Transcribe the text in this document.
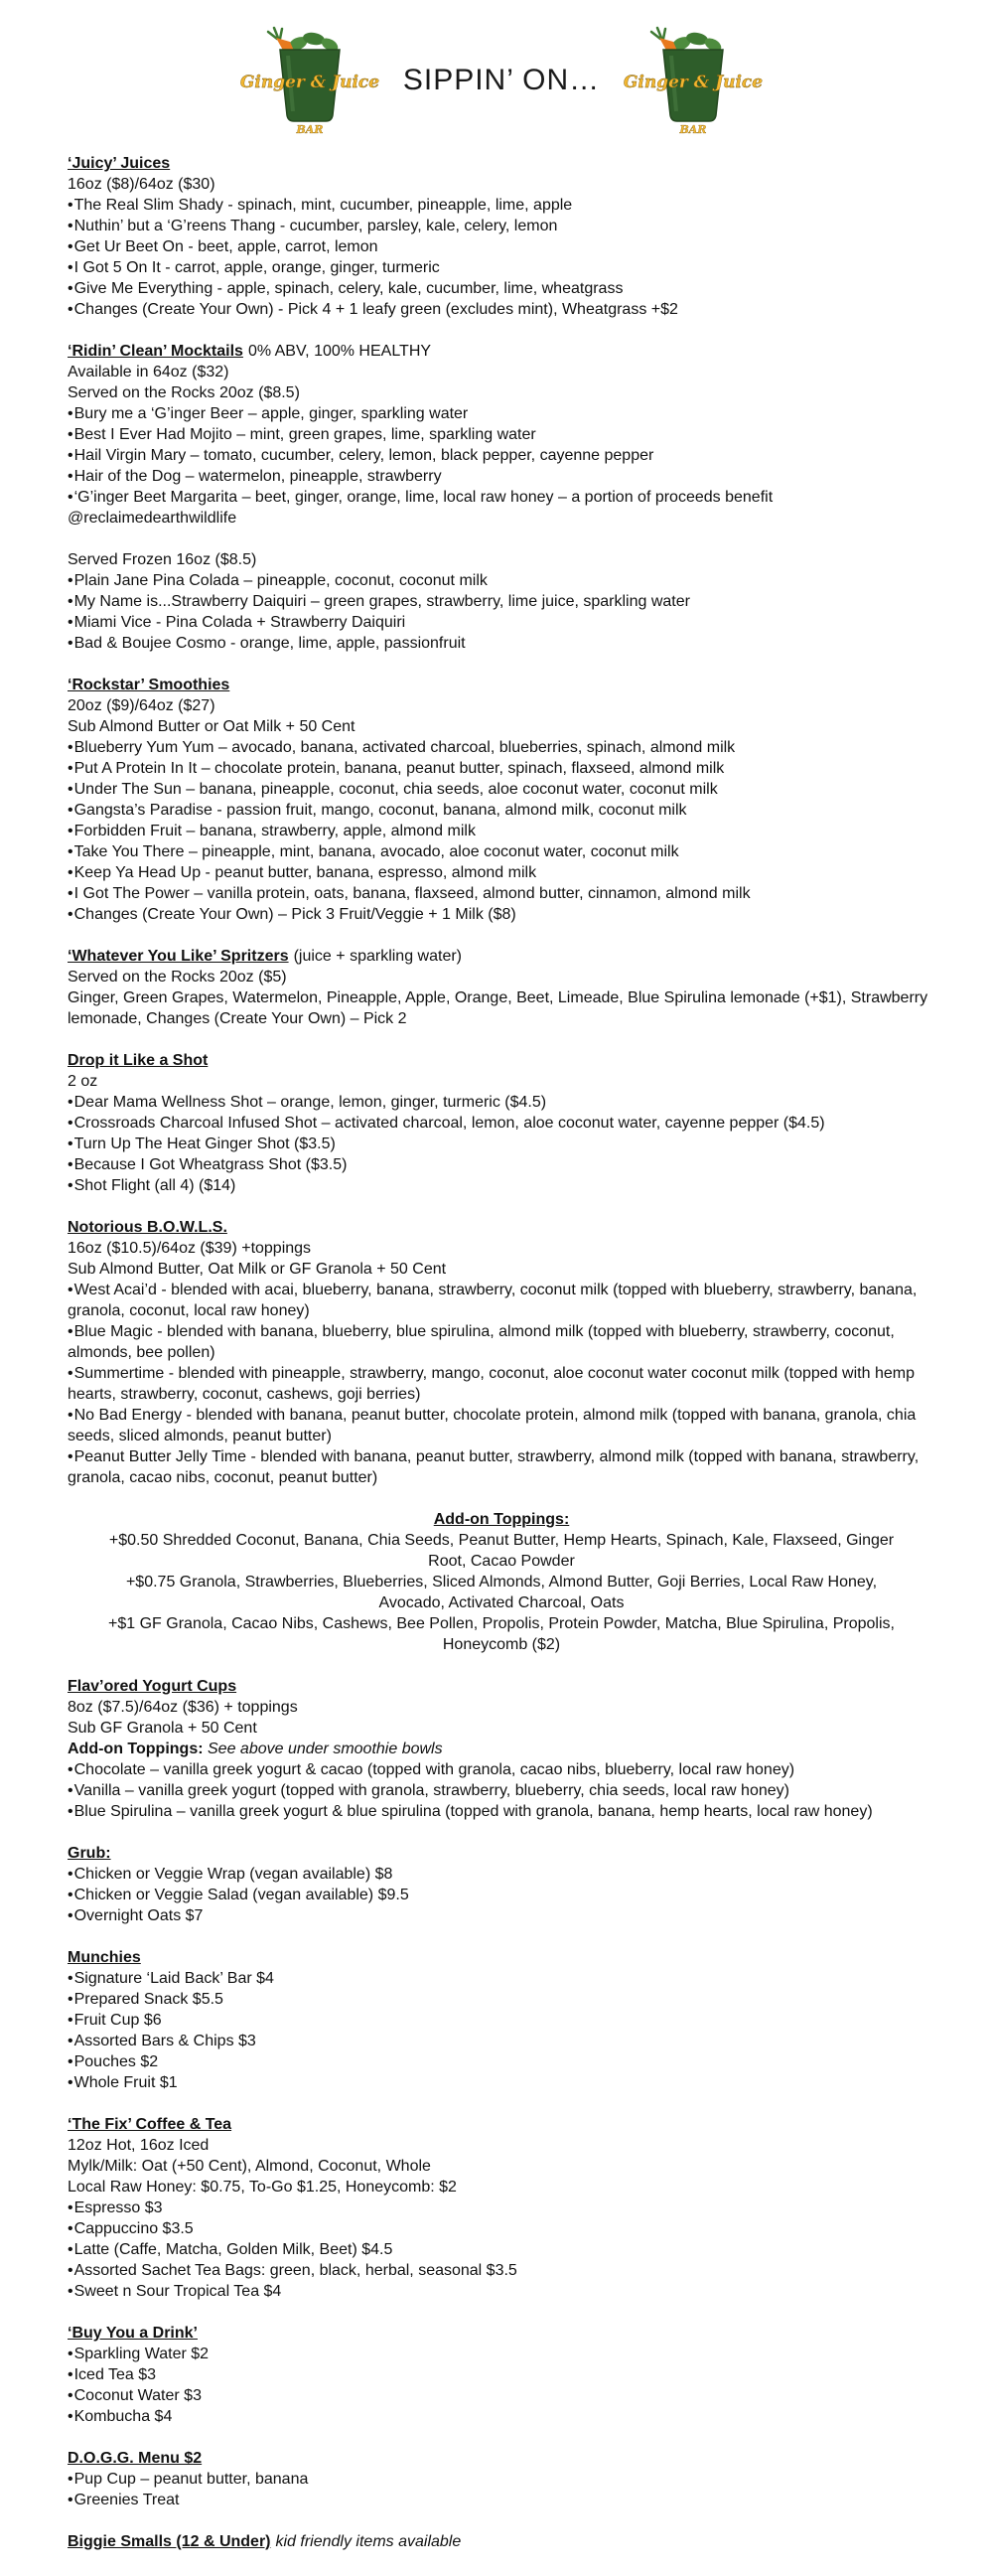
Ginger & Juice
BAR
SIPPIN’ ON… Ginger & Juice
BAR
‘Juicy’ Juices
16oz ($8)/64oz ($30)
•The Real Slim Shady - spinach, mint, cucumber, pineapple, lime, apple
•Nuthin’ but a ‘G’reens Thang - cucumber, parsley, kale, celery, lemon
•Get Ur Beet On - beet, apple, carrot, lemon
•I Got 5 On It - carrot, apple, orange, ginger, turmeric
•Give Me Everything - apple, spinach, celery, kale, cucumber, lime, wheatgrass
•Changes (Create Your Own) - Pick 4 + 1 leafy green (excludes mint), Wheatgrass +$2
‘Ridin’ Clean’ Mocktails 0% ABV, 100% HEALTHY
Available in 64oz ($32)
Served on the Rocks 20oz ($8.5)
•Bury me a ‘G’inger Beer – apple, ginger, sparkling water
•Best I Ever Had Mojito – mint, green grapes, lime, sparkling water
•Hail Virgin Mary – tomato, cucumber, celery, lemon, black pepper, cayenne pepper
•Hair of the Dog – watermelon, pineapple, strawberry
•‘G’inger Beet Margarita – beet, ginger, orange, lime, local raw honey – a portion of proceeds benefit @reclaimedearthwildlife
Served Frozen 16oz ($8.5)
•Plain Jane Pina Colada – pineapple, coconut, coconut milk
•My Name is...Strawberry Daiquiri – green grapes, strawberry, lime juice, sparkling water
•Miami Vice - Pina Colada + Strawberry Daiquiri
•Bad & Boujee Cosmo - orange, lime, apple, passionfruit
‘Rockstar’ Smoothies
20oz ($9)/64oz ($27)
Sub Almond Butter or Oat Milk + 50 Cent
•Blueberry Yum Yum – avocado, banana, activated charcoal, blueberries, spinach, almond milk
•Put A Protein In It – chocolate protein, banana, peanut butter, spinach, flaxseed, almond milk
•Under The Sun – banana, pineapple, coconut, chia seeds, aloe coconut water, coconut milk
•Gangsta’s Paradise - passion fruit, mango, coconut, banana, almond milk, coconut milk
•Forbidden Fruit – banana, strawberry, apple, almond milk
•Take You There – pineapple, mint, banana, avocado, aloe coconut water, coconut milk
•Keep Ya Head Up - peanut butter, banana, espresso, almond milk
•I Got The Power – vanilla protein, oats, banana, flaxseed, almond butter, cinnamon, almond milk
•Changes (Create Your Own) – Pick 3 Fruit/Veggie + 1 Milk ($8)
‘Whatever You Like’ Spritzers (juice + sparkling water)
Served on the Rocks 20oz ($5)
Ginger, Green Grapes, Watermelon, Pineapple, Apple, Orange, Beet, Limeade, Blue Spirulina lemonade (+$1), Strawberry lemonade, Changes (Create Your Own) – Pick 2
Drop it Like a Shot
2 oz
•Dear Mama Wellness Shot – orange, lemon, ginger, turmeric ($4.5)
•Crossroads Charcoal Infused Shot – activated charcoal, lemon, aloe coconut water, cayenne pepper ($4.5)
•Turn Up The Heat Ginger Shot ($3.5)
•Because I Got Wheatgrass Shot ($3.5)
•Shot Flight (all 4) ($14)
Notorious B.O.W.L.S.
16oz ($10.5)/64oz ($39) +toppings
Sub Almond Butter, Oat Milk or GF Granola + 50 Cent
•West Acai’d - blended with acai, blueberry, banana, strawberry, coconut milk (topped with blueberry, strawberry, banana, granola, coconut, local raw honey)
•Blue Magic - blended with banana, blueberry, blue spirulina, almond milk (topped with blueberry, strawberry, coconut, almonds, bee pollen)
•Summertime - blended with pineapple, strawberry, mango, coconut, aloe coconut water coconut milk (topped with hemp hearts, strawberry, coconut, cashews, goji berries)
•No Bad Energy - blended with banana, peanut butter, chocolate protein, almond milk (topped with banana, granola, chia seeds, sliced almonds, peanut butter)
•Peanut Butter Jelly Time - blended with banana, peanut butter, strawberry, almond milk (topped with banana, strawberry, granola, cacao nibs, coconut, peanut butter)
Add-on Toppings:
+$0.50 Shredded Coconut, Banana, Chia Seeds, Peanut Butter, Hemp Hearts, Spinach, Kale, Flaxseed, Ginger Root, Cacao Powder
+$0.75 Granola, Strawberries, Blueberries, Sliced Almonds, Almond Butter, Goji Berries, Local Raw Honey, Avocado, Activated Charcoal, Oats
+$1 GF Granola, Cacao Nibs, Cashews, Bee Pollen, Propolis, Protein Powder, Matcha, Blue Spirulina, Propolis, Honeycomb ($2)
Flav’ored Yogurt Cups
8oz ($7.5)/64oz ($36) + toppings
Sub GF Granola + 50 Cent
Add-on Toppings: See above under smoothie bowls
•Chocolate – vanilla greek yogurt & cacao (topped with granola, cacao nibs, blueberry, local raw honey)
•Vanilla – vanilla greek yogurt (topped with granola, strawberry, blueberry, chia seeds, local raw honey)
•Blue Spirulina – vanilla greek yogurt & blue spirulina (topped with granola, banana, hemp hearts, local raw honey)
Grub:
•Chicken or Veggie Wrap (vegan available) $8
•Chicken or Veggie Salad (vegan available) $9.5
•Overnight Oats $7
Munchies
•Signature ‘Laid Back’ Bar $4
•Prepared Snack $5.5
•Fruit Cup $6
•Assorted Bars & Chips $3
•Pouches $2
•Whole Fruit $1
‘The Fix’ Coffee & Tea
12oz Hot, 16oz Iced
Mylk/Milk: Oat (+50 Cent), Almond, Coconut, Whole
Local Raw Honey: $0.75, To-Go $1.25, Honeycomb: $2
•Espresso $3
•Cappuccino $3.5
•Latte (Caffe, Matcha, Golden Milk, Beet) $4.5
•Assorted Sachet Tea Bags: green, black, herbal, seasonal $3.5
•Sweet n Sour Tropical Tea $4
‘Buy You a Drink’
•Sparkling Water $2
•Iced Tea $3
•Coconut Water $3
•Kombucha $4
D.O.G.G. Menu $2
•Pup Cup – peanut butter, banana
•Greenies Treat
Biggie Smalls (12 & Under) kid friendly items available
